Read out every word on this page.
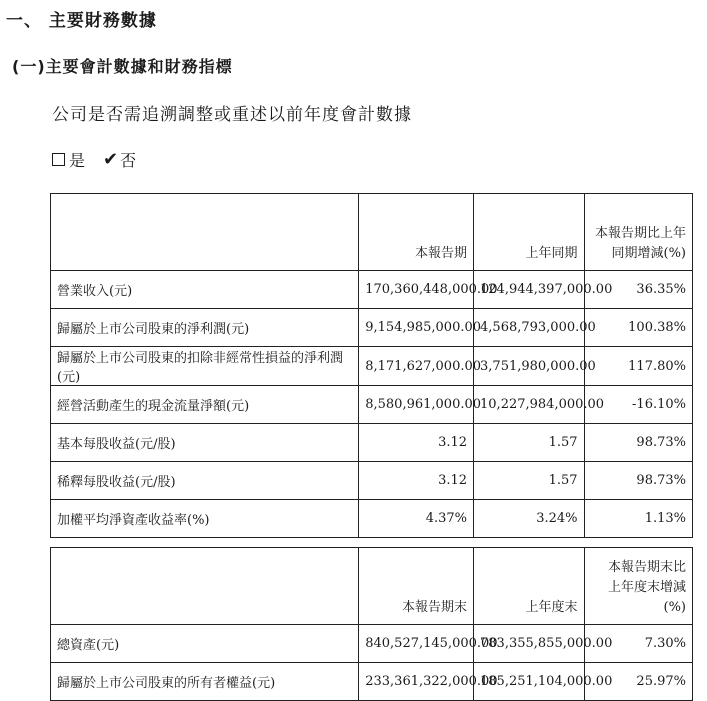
一、 主要財務數據
(一)主要會計數據和財務指標
公司是否需追溯調整或重述以前年度會計數據
是 ✔ 否
	本報告期	上年同期	本報告期比上年
同期增減(%)
營業收入(元)	170,360,448,000.00	124,944,397,000.00	36.35%
歸屬於上市公司股東的淨利潤(元)	9,154,985,000.00	4,568,793,000.00	100.38%
歸屬於上市公司股東的扣除非經常性損益的淨利潤(元)	8,171,627,000.00	3,751,980,000.00	117.80%
經營活動產生的現金流量淨額(元)	8,580,961,000.00	10,227,984,000.00	-16.10%
基本每股收益(元/股)	3.12	1.57	98.73%
稀釋每股收益(元/股)	3.12	1.57	98.73%
加權平均淨資產收益率(%)	4.37%	3.24%	1.13%
	本報告期末	上年度末	本報告期末比
上年度末增減(%)
總資產(元)	840,527,145,000.00	783,355,855,000.00	7.30%
歸屬於上市公司股東的所有者權益(元)	233,361,322,000.00	185,251,104,000.00	25.97%
